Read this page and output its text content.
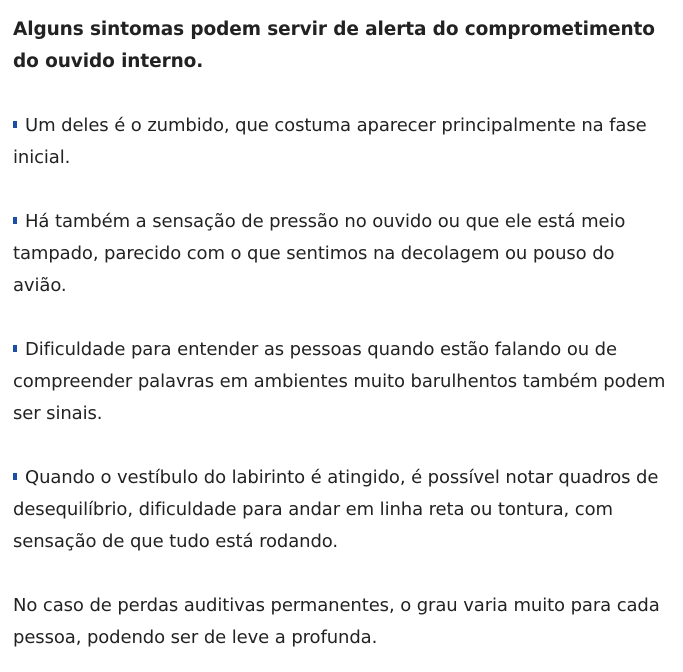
Alguns sintomas podem servir de alerta do comprometimento do ouvido interno.

Um deles é o zumbido, que costuma aparecer principalmente na fase inicial.

Há também a sensação de pressão no ouvido ou que ele está meio tampado, parecido com o que sentimos na decolagem ou pouso do avião.

Dificuldade para entender as pessoas quando estão falando ou de compreender palavras em ambientes muito barulhentos também podem ser sinais.

Quando o vestíbulo do labirinto é atingido, é possível notar quadros de desequilíbrio, dificuldade para andar em linha reta ou tontura, com sensação de que tudo está rodando.

No caso de perdas auditivas permanentes, o grau varia muito para cada pessoa, podendo ser de leve a profunda.
